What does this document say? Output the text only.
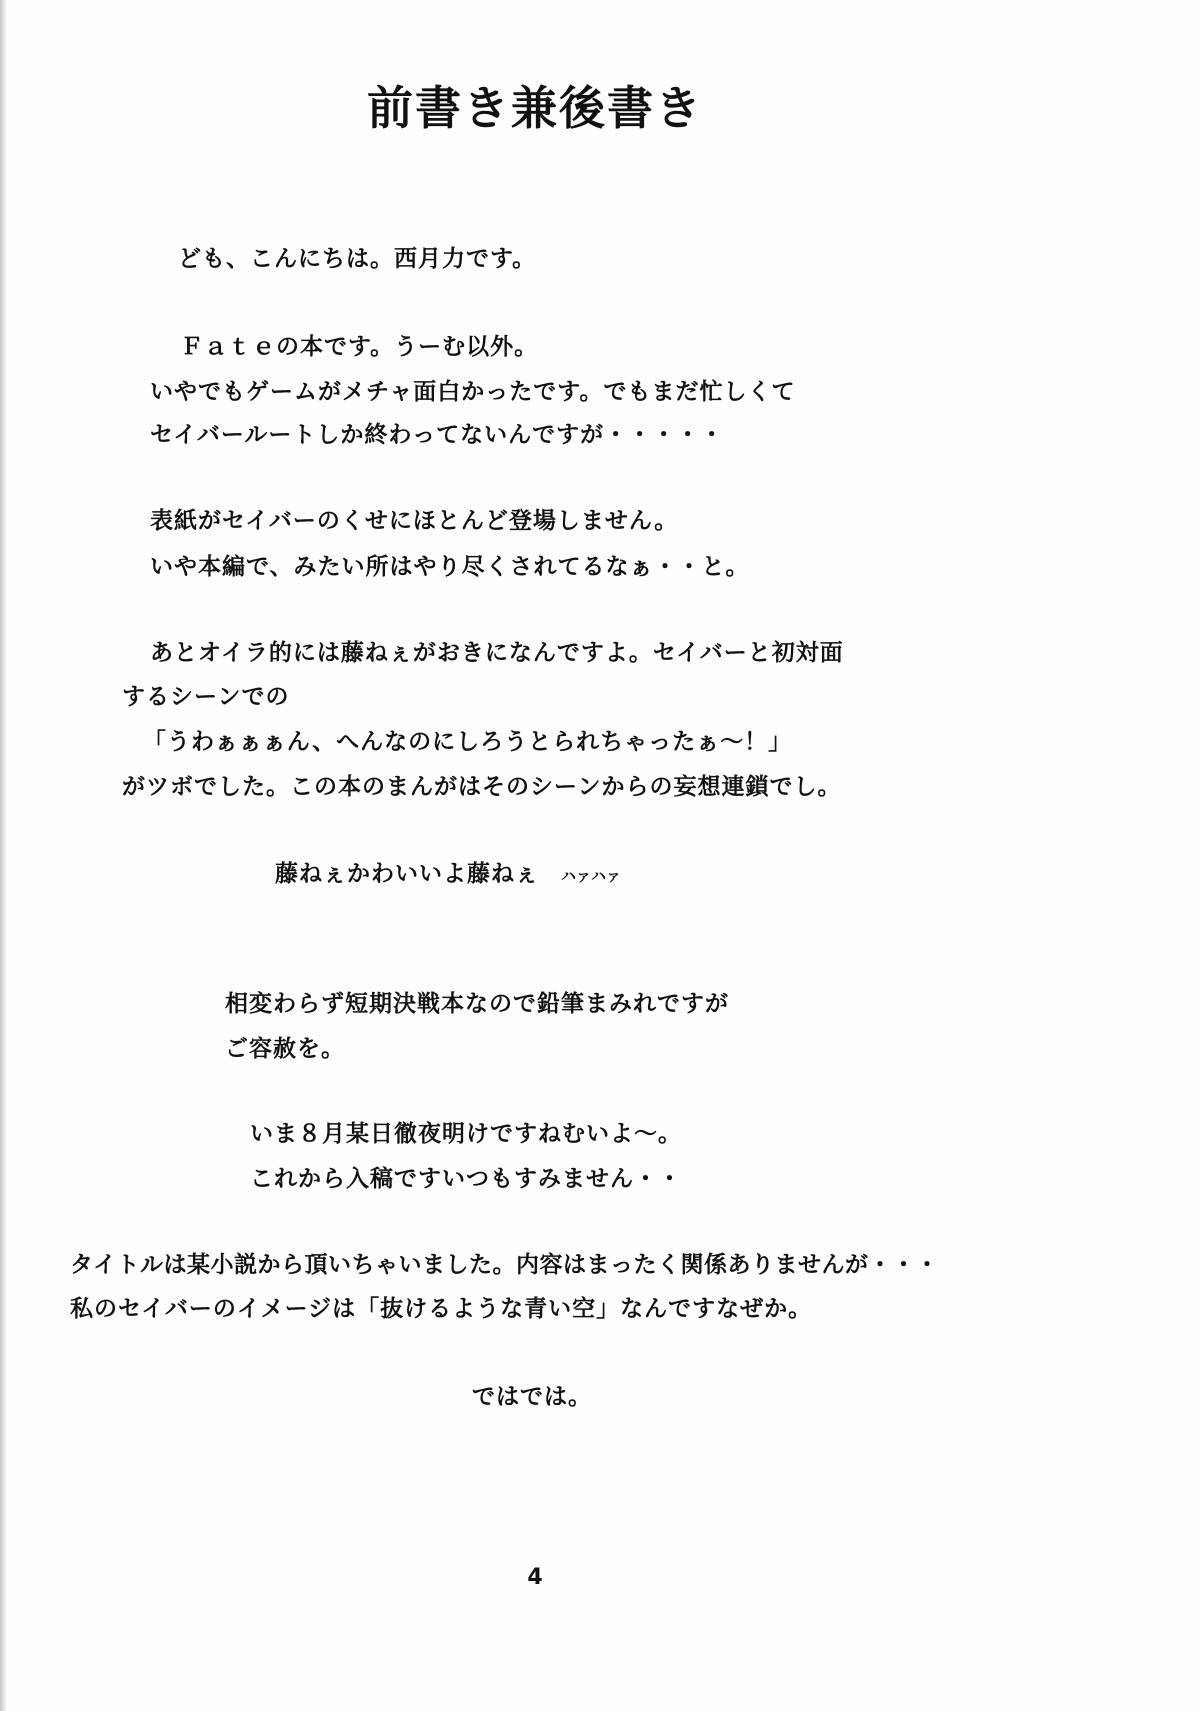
前書き兼後書き
ども、こんにちは。西月力です。
Ｆａｔｅの本です。うーむ以外。
いやでもゲームがメチャ面白かったです。でもまだ忙しくて
セイバールートしか終わってないんですが・・・・・
表紙がセイバーのくせにほとんど登場しません。
いや本編で、みたい所はやり尽くされてるなぁ・・と。
あとオイラ的には藤ねぇがおきになんですよ。セイバーと初対面
するシーンでの
「うわぁぁぁん、へんなのにしろうとられちゃったぁ～！」
がツボでした。この本のまんがはそのシーンからの妄想連鎖でし。
藤ねぇかわいいよ藤ねぇ ハァハァ
相変わらず短期決戦本なので鉛筆まみれですが
ご容赦を。
いま８月某日徹夜明けですねむいよ～。
これから入稿ですいつもすみません・・
タイトルは某小説から頂いちゃいました。内容はまったく関係ありませんが・・・
私のセイバーのイメージは「抜けるような青い空」なんですなぜか。
ではでは。
4
